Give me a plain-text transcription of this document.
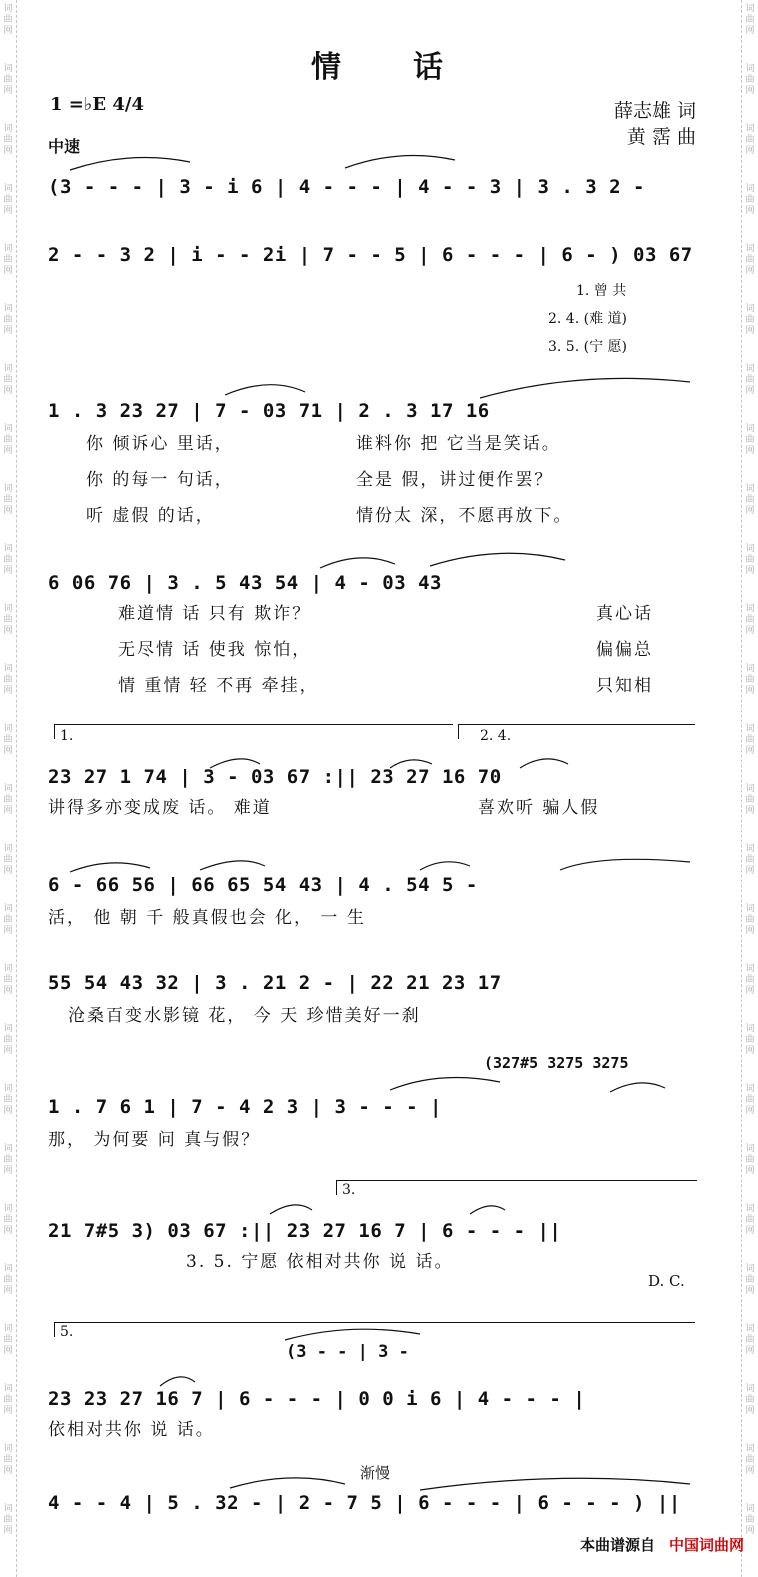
情　　话
1 =♭E 4/4
中速
薛志雄 词
黄 霑 曲
(3 - - - | 3 - i 6 | 4 - - - | 4 - - 3 | 3 . 3 2 -
2 - - 3 2 | i - - 2i | 7 - - 5 | 6 - - - | 6 - ) 03 67
1. 曾 共
2. 4. (难 道)
3. 5. (宁 愿)
1 . 3 23 27 | 7 - 03 71 | 2 . 3 17 16
你 倾诉心 里话，	谁料你 把 它当是笑话。
你 的每一 句话，	全是 假，讲过便作罢？
听 虚假 的话，	情份太 深，不愿再放下。
6 06 76 | 3 . 5 43 54 | 4 - 03 43
难道情 话 只有 欺诈？	真心话
无尽情 话 使我 惊怕，	偏偏总
情 重情 轻 不再 牵挂，	只知相
1.	2. 4.
23 27 1 74 | 3 - 03 67 :|| 23 27 16 70
讲得多亦变成废 话。 难道	喜欢听 骗人假
6 - 66 56 | 66 65 54 43 | 4 . 54 5 -
活， 他 朝 千 般真假也会 化， 一 生
55 54 43 32 | 3 . 21 2 - | 22 21 23 17
沧桑百变水影镜 花， 今 天 珍惜美好一刹
(327#5 3275 3275
1 . 7 6 1 | 7 - 4 2 3 | 3 - - - |
那， 为何要 问 真与假？
3.
21 7#5 3) 03 67 :|| 23 27 16 7 | 6 - - - ||
3. 5. 宁愿 依相对共你 说 话。
D. C.
5.
(3 - - | 3 -
23 23 27 16 7 | 6 - - - | 0 0 i 6 | 4 - - - |
依相对共你 说 话。
渐慢
4 - - 4 | 5 . 32 - | 2 - 7 5 | 6 - - - | 6 - - - ) ||
本曲谱源自 中国词曲网
词
曲
网
词
曲
网
词
曲
网
词
曲
网
词
曲
网
词
曲
网
词
曲
网
词
曲
网
词
曲
网
词
曲
网
词
曲
网
词
曲
网
词
曲
网
词
曲
网
词
曲
网
词
曲
网
词
曲
网
词
曲
网
词
曲
网
词
曲
网
词
曲
网
词
曲
网
词
曲
网
词
曲
网
词
曲
网
词
曲
网
词
曲
网
词
曲
网
词
曲
网
词
曲
网
词
曲
网
词
曲
网
词
曲
网
词
曲
网
词
曲
网
词
曲
网
词
曲
网
词
曲
网
词
曲
网
词
曲
网
词
曲
网
词
曲
网
词
曲
网
词
曲
网
词
曲
网
词
曲
网
词
曲
网
词
曲
网
词
曲
网
词
曲
网
词
曲
网
词
曲
网
